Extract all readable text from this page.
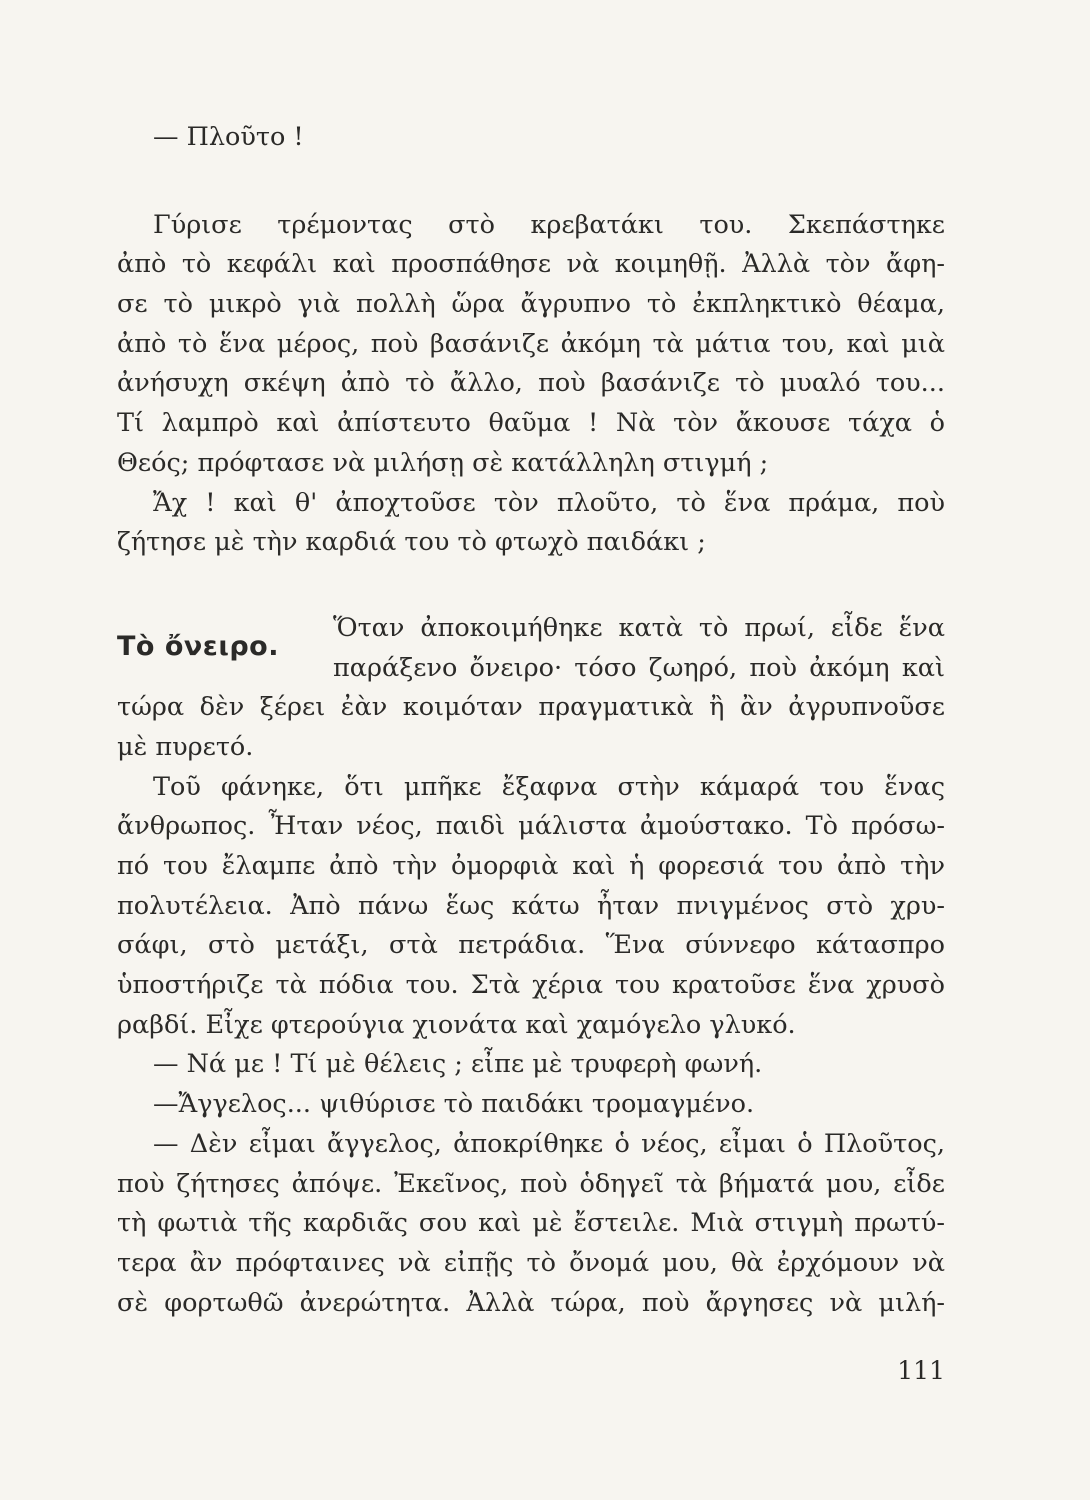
— Πλοῦτο !
Γύρισε τρέμοντας στὸ κρεβατάκι του. Σκεπάστηκε
ἀπὸ τὸ κεφάλι καὶ προσπάθησε νὰ κοιμηθῇ. Ἀλλὰ τὸν ἄφη-
σε τὸ μικρὸ γιὰ πολλὴ ὥρα ἄγρυπνο τὸ ἐκπληκτικὸ θέαμα,
ἀπὸ τὸ ἕνα μέρος, ποὺ βασάνιζε ἀκόμη τὰ μάτια του, καὶ μιὰ
ἀνήσυχη σκέψη ἀπὸ τὸ ἄλλο, ποὺ βασάνιζε τὸ μυαλό του...
Τί λαμπρὸ καὶ ἀπίστευτο θαῦμα ! Νὰ τὸν ἄκουσε τάχα ὁ
Θεός; πρόφτασε νὰ μιλήσῃ σὲ κατάλληλη στιγμή ;
Ἄχ ! καὶ θ' ἀποχτοῦσε τὸν πλοῦτο, τὸ ἕνα πράμα, ποὺ
ζήτησε μὲ τὴν καρδιά του τὸ φτωχὸ παιδάκι ;
Τὸ ὄνειρο.
Ὅταν ἀποκοιμήθηκε κατὰ τὸ πρωί, εἶδε ἕνα
παράξενο ὄνειρο· τόσο ζωηρό, ποὺ ἀκόμη καὶ
τώρα δὲν ξέρει ἐὰν κοιμόταν πραγματικὰ ἢ ἂν ἀγρυπνοῦσε
μὲ πυρετό.
Τοῦ φάνηκε, ὅτι μπῆκε ἔξαφνα στὴν κάμαρά του ἕνας
ἄνθρωπος. Ἦταν νέος, παιδὶ μάλιστα ἀμούστακο. Τὸ πρόσω-
πό του ἔλαμπε ἀπὸ τὴν ὀμορφιὰ καὶ ἡ φορεσιά του ἀπὸ τὴν
πολυτέλεια. Ἀπὸ πάνω ἕως κάτω ἦταν πνιγμένος στὸ χρυ-
σάφι, στὸ μετάξι, στὰ πετράδια. Ἕνα σύννεφο κάτασπρο
ὑποστήριζε τὰ πόδια του. Στὰ χέρια του κρατοῦσε ἕνα χρυσὸ
ραβδί. Εἶχε φτερούγια χιονάτα καὶ χαμόγελο γλυκό.
— Νά με ! Τί μὲ θέλεις ; εἶπε μὲ τρυφερὴ φωνή.
—Ἄγγελος... ψιθύρισε τὸ παιδάκι τρομαγμένο.
— Δὲν εἶμαι ἄγγελος, ἀποκρίθηκε ὁ νέος, εἶμαι ὁ Πλοῦτος,
ποὺ ζήτησες ἀπόψε. Ἐκεῖνος, ποὺ ὁδηγεῖ τὰ βήματά μου, εἶδε
τὴ φωτιὰ τῆς καρδιᾶς σου καὶ μὲ ἔστειλε. Μιὰ στιγμὴ πρωτύ-
τερα ἂν πρόφταινες νὰ εἰπῇς τὸ ὄνομά μου, θὰ ἐρχόμουν νὰ
σὲ φορτωθῶ ἀνερώτητα. Ἀλλὰ τώρα, ποὺ ἄργησες νὰ μιλή-
111
